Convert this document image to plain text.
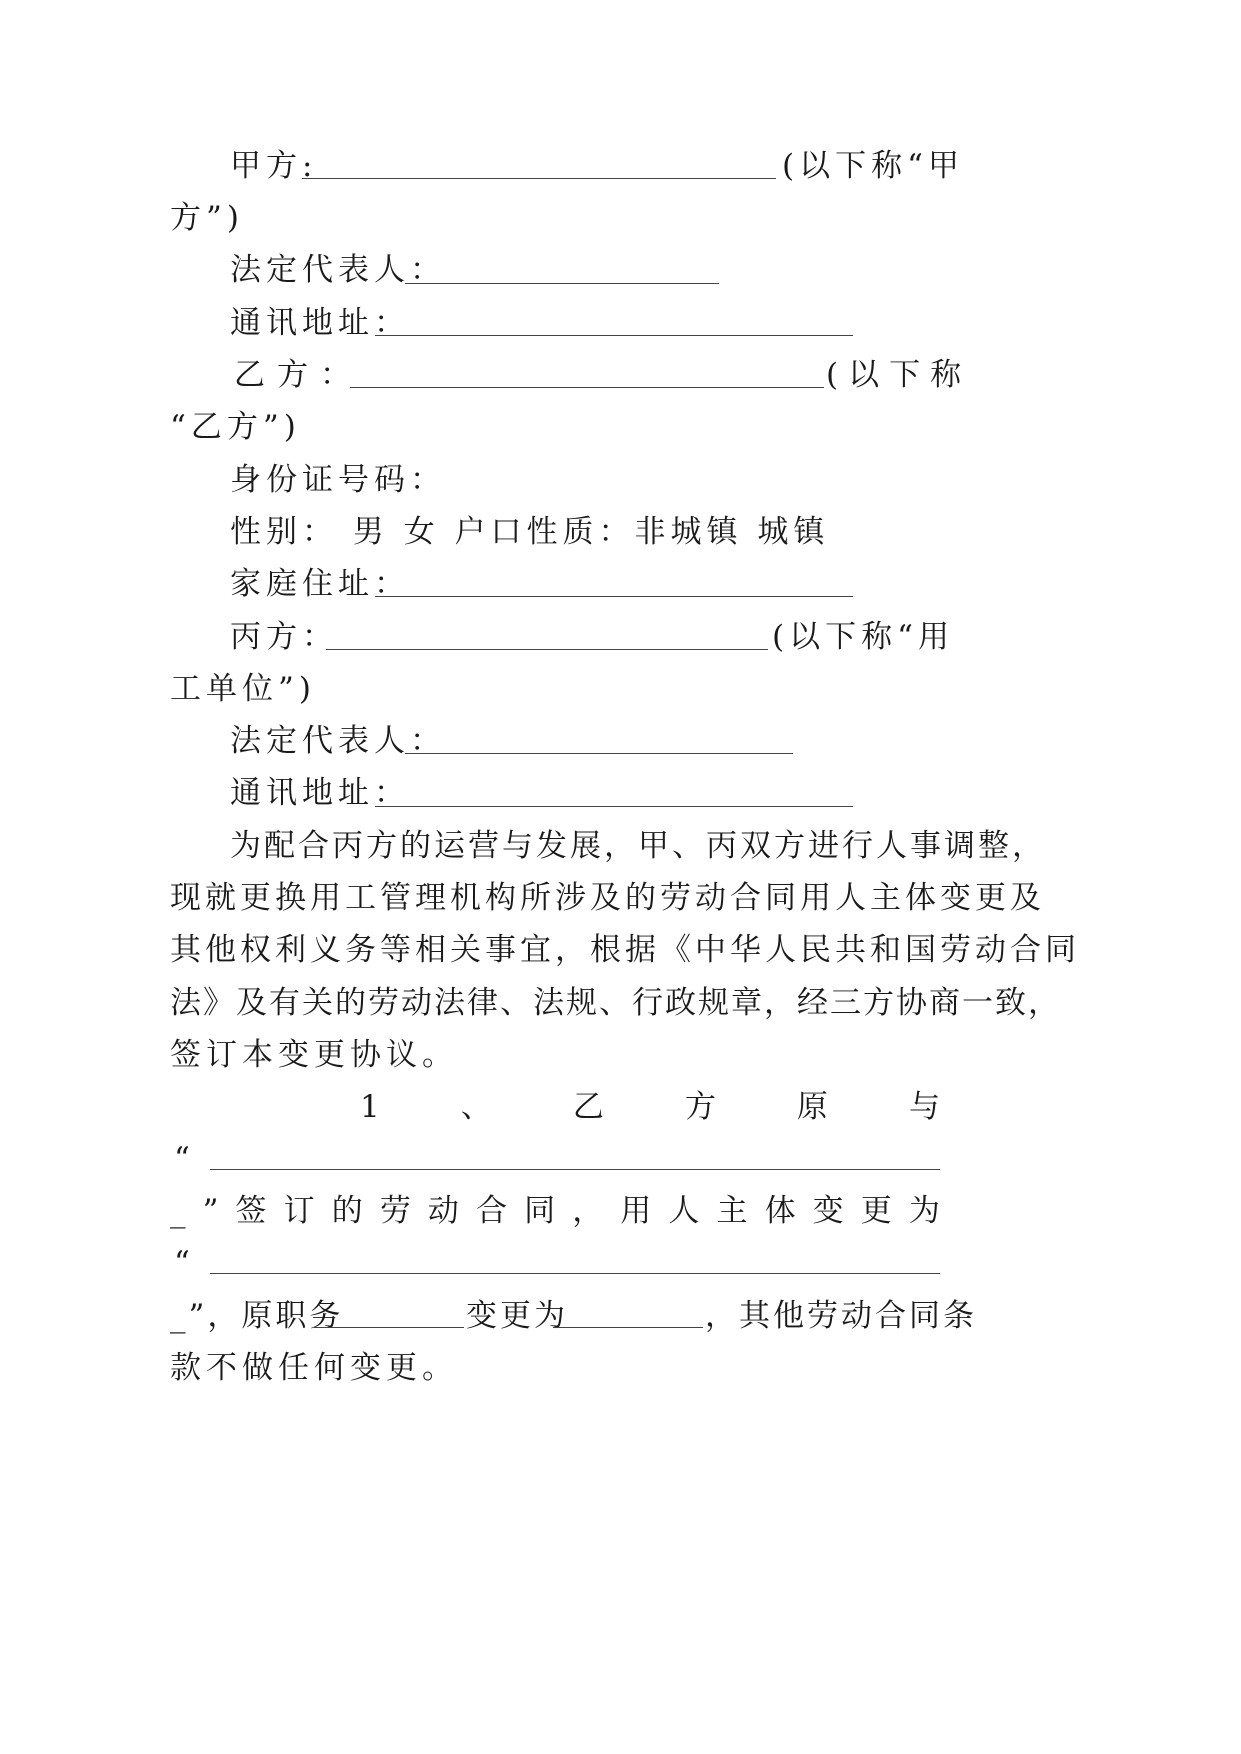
甲方:	(以下称“甲
方”)
法定代表人：
通讯地址：
乙方：	(以下称
“乙方”)
身份证号码：
性别： 男 女 户口性质：非城镇 城镇
家庭住址：
丙方：	(以下称“用
工单位”)
法定代表人：
通讯地址：
为配合丙方的运营与发展，甲、丙双方进行人事调整，
现就更换用工管理机构所涉及的劳动合同用人主体变更及
其他权利义务等相关事宜，根据《中华人民共和国劳动合同
法》及有关的劳动法律、法规、行政规章，经三方协商一致，
签订本变更协议。
1	、	乙	方	原	与
“
_ ” 签 订 的 劳 动 合 同 ， 用 人 主 体 变 更 为
“
_”，原职务	变更为	，其他劳动合同条
款不做任何变更。
